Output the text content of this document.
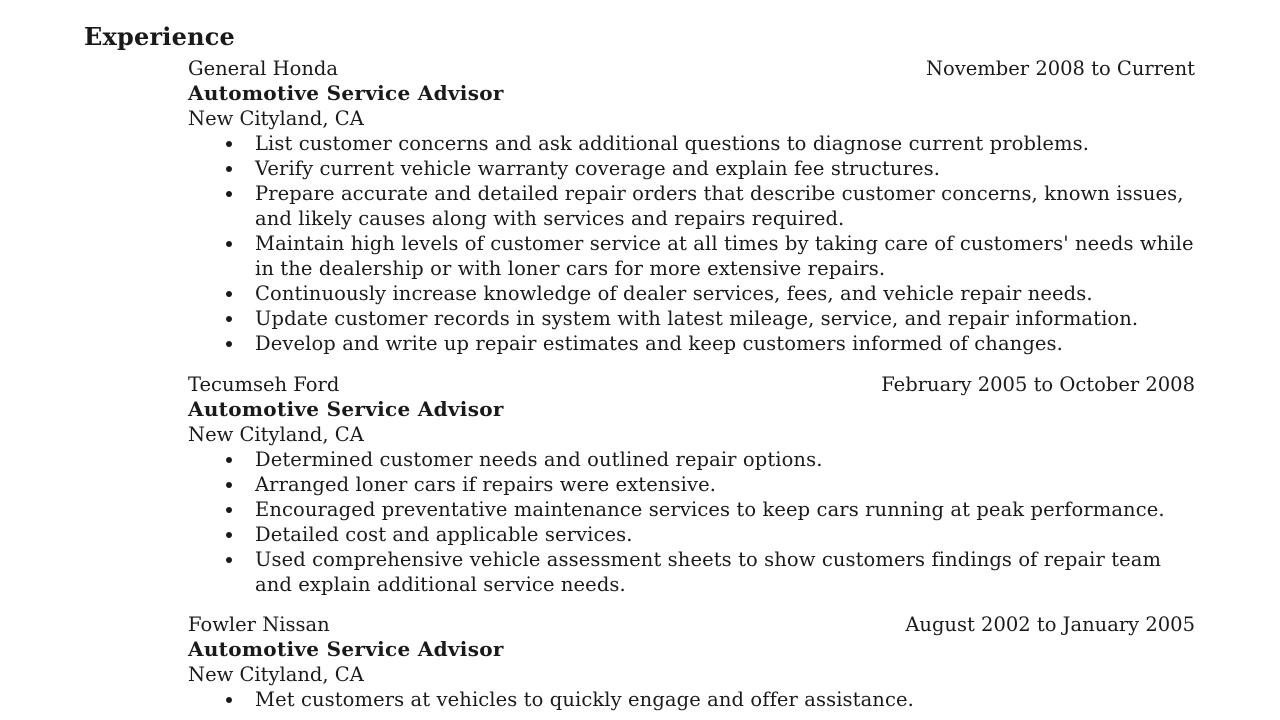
Experience
General Honda	November 2008 to Current
Automotive Service Advisor
New Cityland, CA
List customer concerns and ask additional questions to diagnose current problems.
Verify current vehicle warranty coverage and explain fee structures.
Prepare accurate and detailed repair orders that describe customer concerns, known issues, and likely causes along with services and repairs required.
Maintain high levels of customer service at all times by taking care of customers' needs while in the dealership or with loner cars for more extensive repairs.
Continuously increase knowledge of dealer services, fees, and vehicle repair needs.
Update customer records in system with latest mileage, service, and repair information.
Develop and write up repair estimates and keep customers informed of changes.
Tecumseh Ford	February 2005 to October 2008
Automotive Service Advisor
New Cityland, CA
Determined customer needs and outlined repair options.
Arranged loner cars if repairs were extensive.
Encouraged preventative maintenance services to keep cars running at peak performance.
Detailed cost and applicable services.
Used comprehensive vehicle assessment sheets to show customers findings of repair team and explain additional service needs.
Fowler Nissan	August 2002 to January 2005
Automotive Service Advisor
New Cityland, CA
Met customers at vehicles to quickly engage and offer assistance.
